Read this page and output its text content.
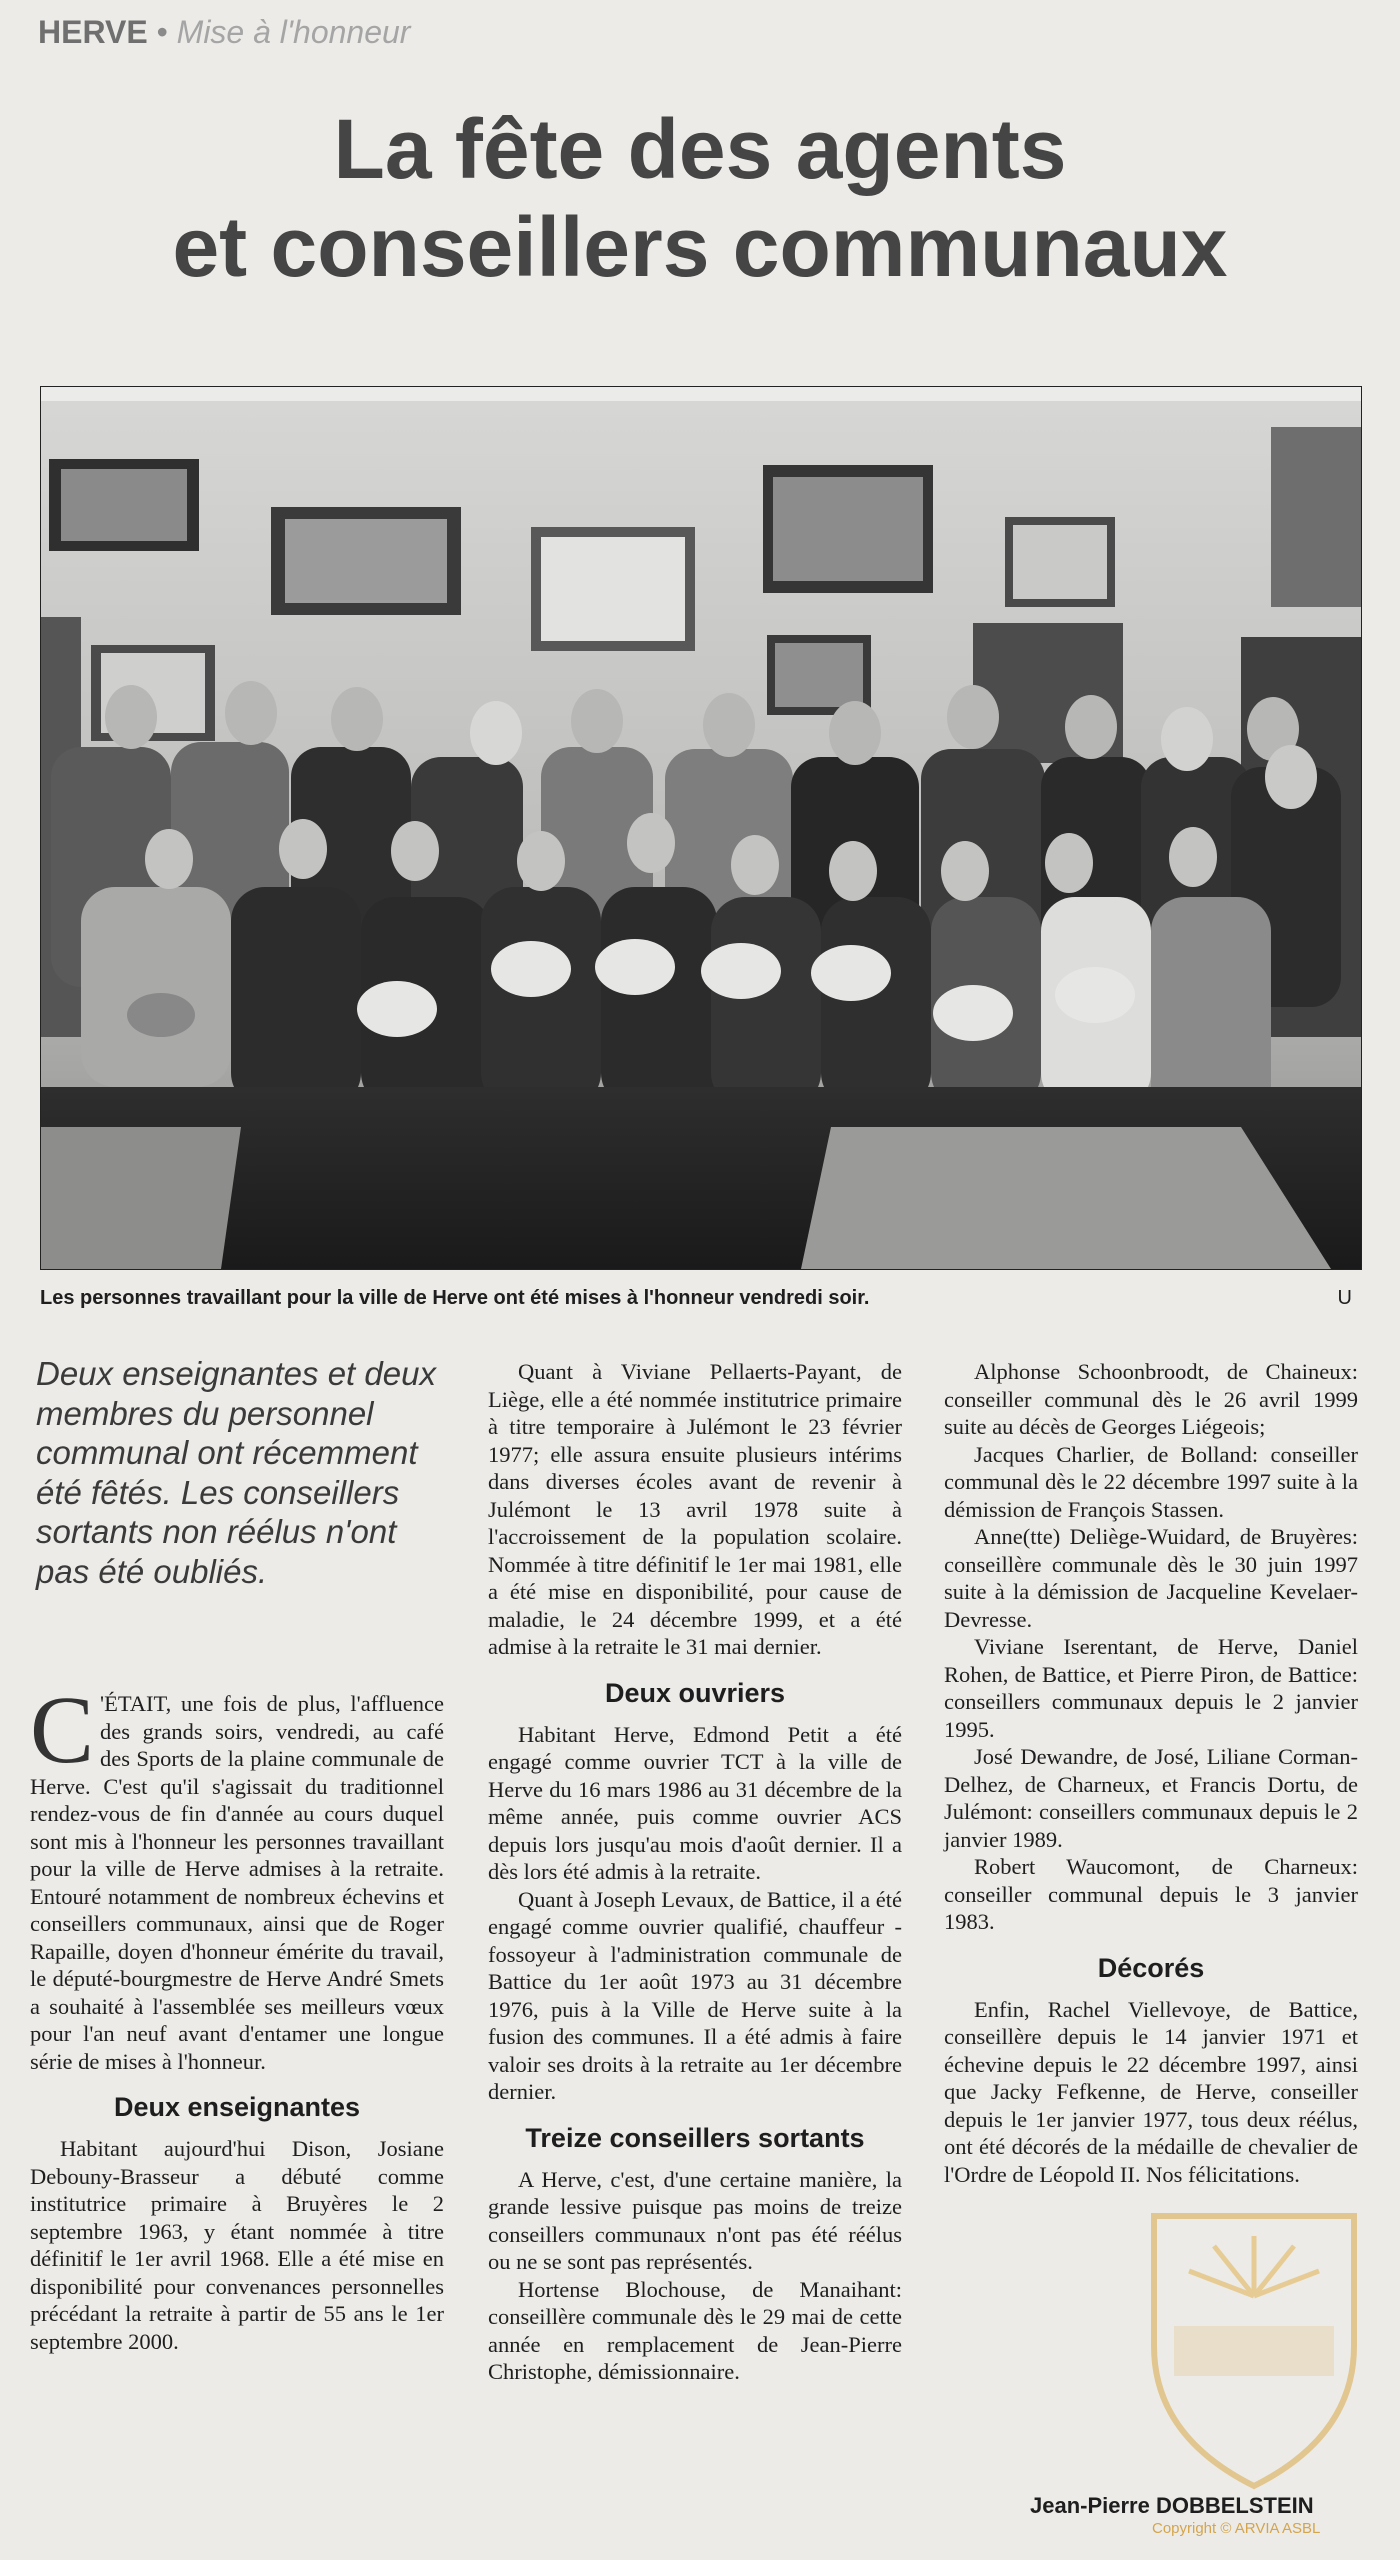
HERVE • Mise à l'honneur
La fête des agents
et conseillers communaux
Les personnes travaillant pour la ville de Herve ont été mises à l'honneur vendredi soir.	U
Deux enseignantes et deux membres du personnel communal ont récemment été fêtés. Les conseillers sortants non réélus n'ont pas été oubliés.

C 'ÉTAIT, une fois de plus, l'affluence des grands soirs, vendredi, au café des Sports de la plaine communale de Herve. C'est qu'il s'agissait du traditionnel rendez-vous de fin d'année au cours duquel sont mis à l'honneur les personnes travaillant pour la ville de Herve admises à la retraite. Entouré notamment de nombreux échevins et conseillers communaux, ainsi que de Roger Rapaille, doyen d'honneur émérite du travail, le député-bourgmestre de Herve André Smets a souhaité à l'assemblée ses meilleurs vœux pour l'an neuf avant d'entamer une longue série de mises à l'honneur.

Deux enseignantes

Habitant aujourd'hui Dison, Josiane Debouny-Brasseur a débuté comme institutrice primaire à Bruyères le 2 septembre 1963, y étant nommée à titre définitif le 1er avril 1968. Elle a été mise en disponibilité pour convenances personnelles précédant la retraite à partir de 55 ans le 1er septembre 2000.

Quant à Viviane Pellaerts-Payant, de Liège, elle a été nommée institutrice primaire à titre temporaire à Julémont le 23 février 1977; elle assura ensuite plusieurs intérims dans diverses écoles avant de revenir à Julémont le 13 avril 1978 suite à l'accroissement de la population scolaire. Nommée à titre définitif le 1er mai 1981, elle a été mise en disponibilité, pour cause de maladie, le 24 décembre 1999, et a été admise à la retraite le 31 mai dernier.

Deux ouvriers

Habitant Herve, Edmond Petit a été engagé comme ouvrier TCT à la ville de Herve du 16 mars 1986 au 31 décembre de la même année, puis comme ouvrier ACS depuis lors jusqu'au mois d'août dernier. Il a dès lors été admis à la retraite.

Quant à Joseph Levaux, de Battice, il a été engagé comme ouvrier qualifié, chauffeur - fossoyeur à l'administration communale de Battice du 1er août 1973 au 31 décembre 1976, puis à la Ville de Herve suite à la fusion des communes. Il a été admis à faire valoir ses droits à la retraite au 1er décembre dernier.

Treize conseillers sortants

A Herve, c'est, d'une certaine manière, la grande lessive puisque pas moins de treize conseillers communaux n'ont pas été réélus ou ne se sont pas représentés.

Hortense Blochouse, de Manaihant: conseillère communale dès le 29 mai de cette année en remplacement de Jean-Pierre Christophe, démissionnaire.

Alphonse Schoonbroodt, de Chaineux: conseiller communal dès le 26 avril 1999 suite au décès de Georges Liégeois;

Jacques Charlier, de Bolland: conseiller communal dès le 22 décembre 1997 suite à la démission de François Stassen.

Anne(tte) Deliège-Wuidard, de Bruyères: conseillère communale dès le 30 juin 1997 suite à la démission de Jacqueline Kevelaer-Devresse.

Viviane Iserentant, de Herve, Daniel Rohen, de Battice, et Pierre Piron, de Battice: conseillers communaux depuis le 2 janvier 1995.

José Dewandre, de José, Liliane Corman-Delhez, de Charneux, et Francis Dortu, de Julémont: conseillers communaux depuis le 2 janvier 1989.

Robert Waucomont, de Charneux: conseiller communal depuis le 3 janvier 1983.

Décorés

Enfin, Rachel Viellevoye, de Battice, conseillère depuis le 14 janvier 1971 et échevine depuis le 22 décembre 1997, ainsi que Jacky Fefkenne, de Herve, conseiller depuis le 1er janvier 1977, tous deux réélus, ont été décorés de la médaille de chevalier de l'Ordre de Léopold II. Nos félicitations.

Jean-Pierre DOBBELSTEIN
Copyright © ARVIA ASBL
